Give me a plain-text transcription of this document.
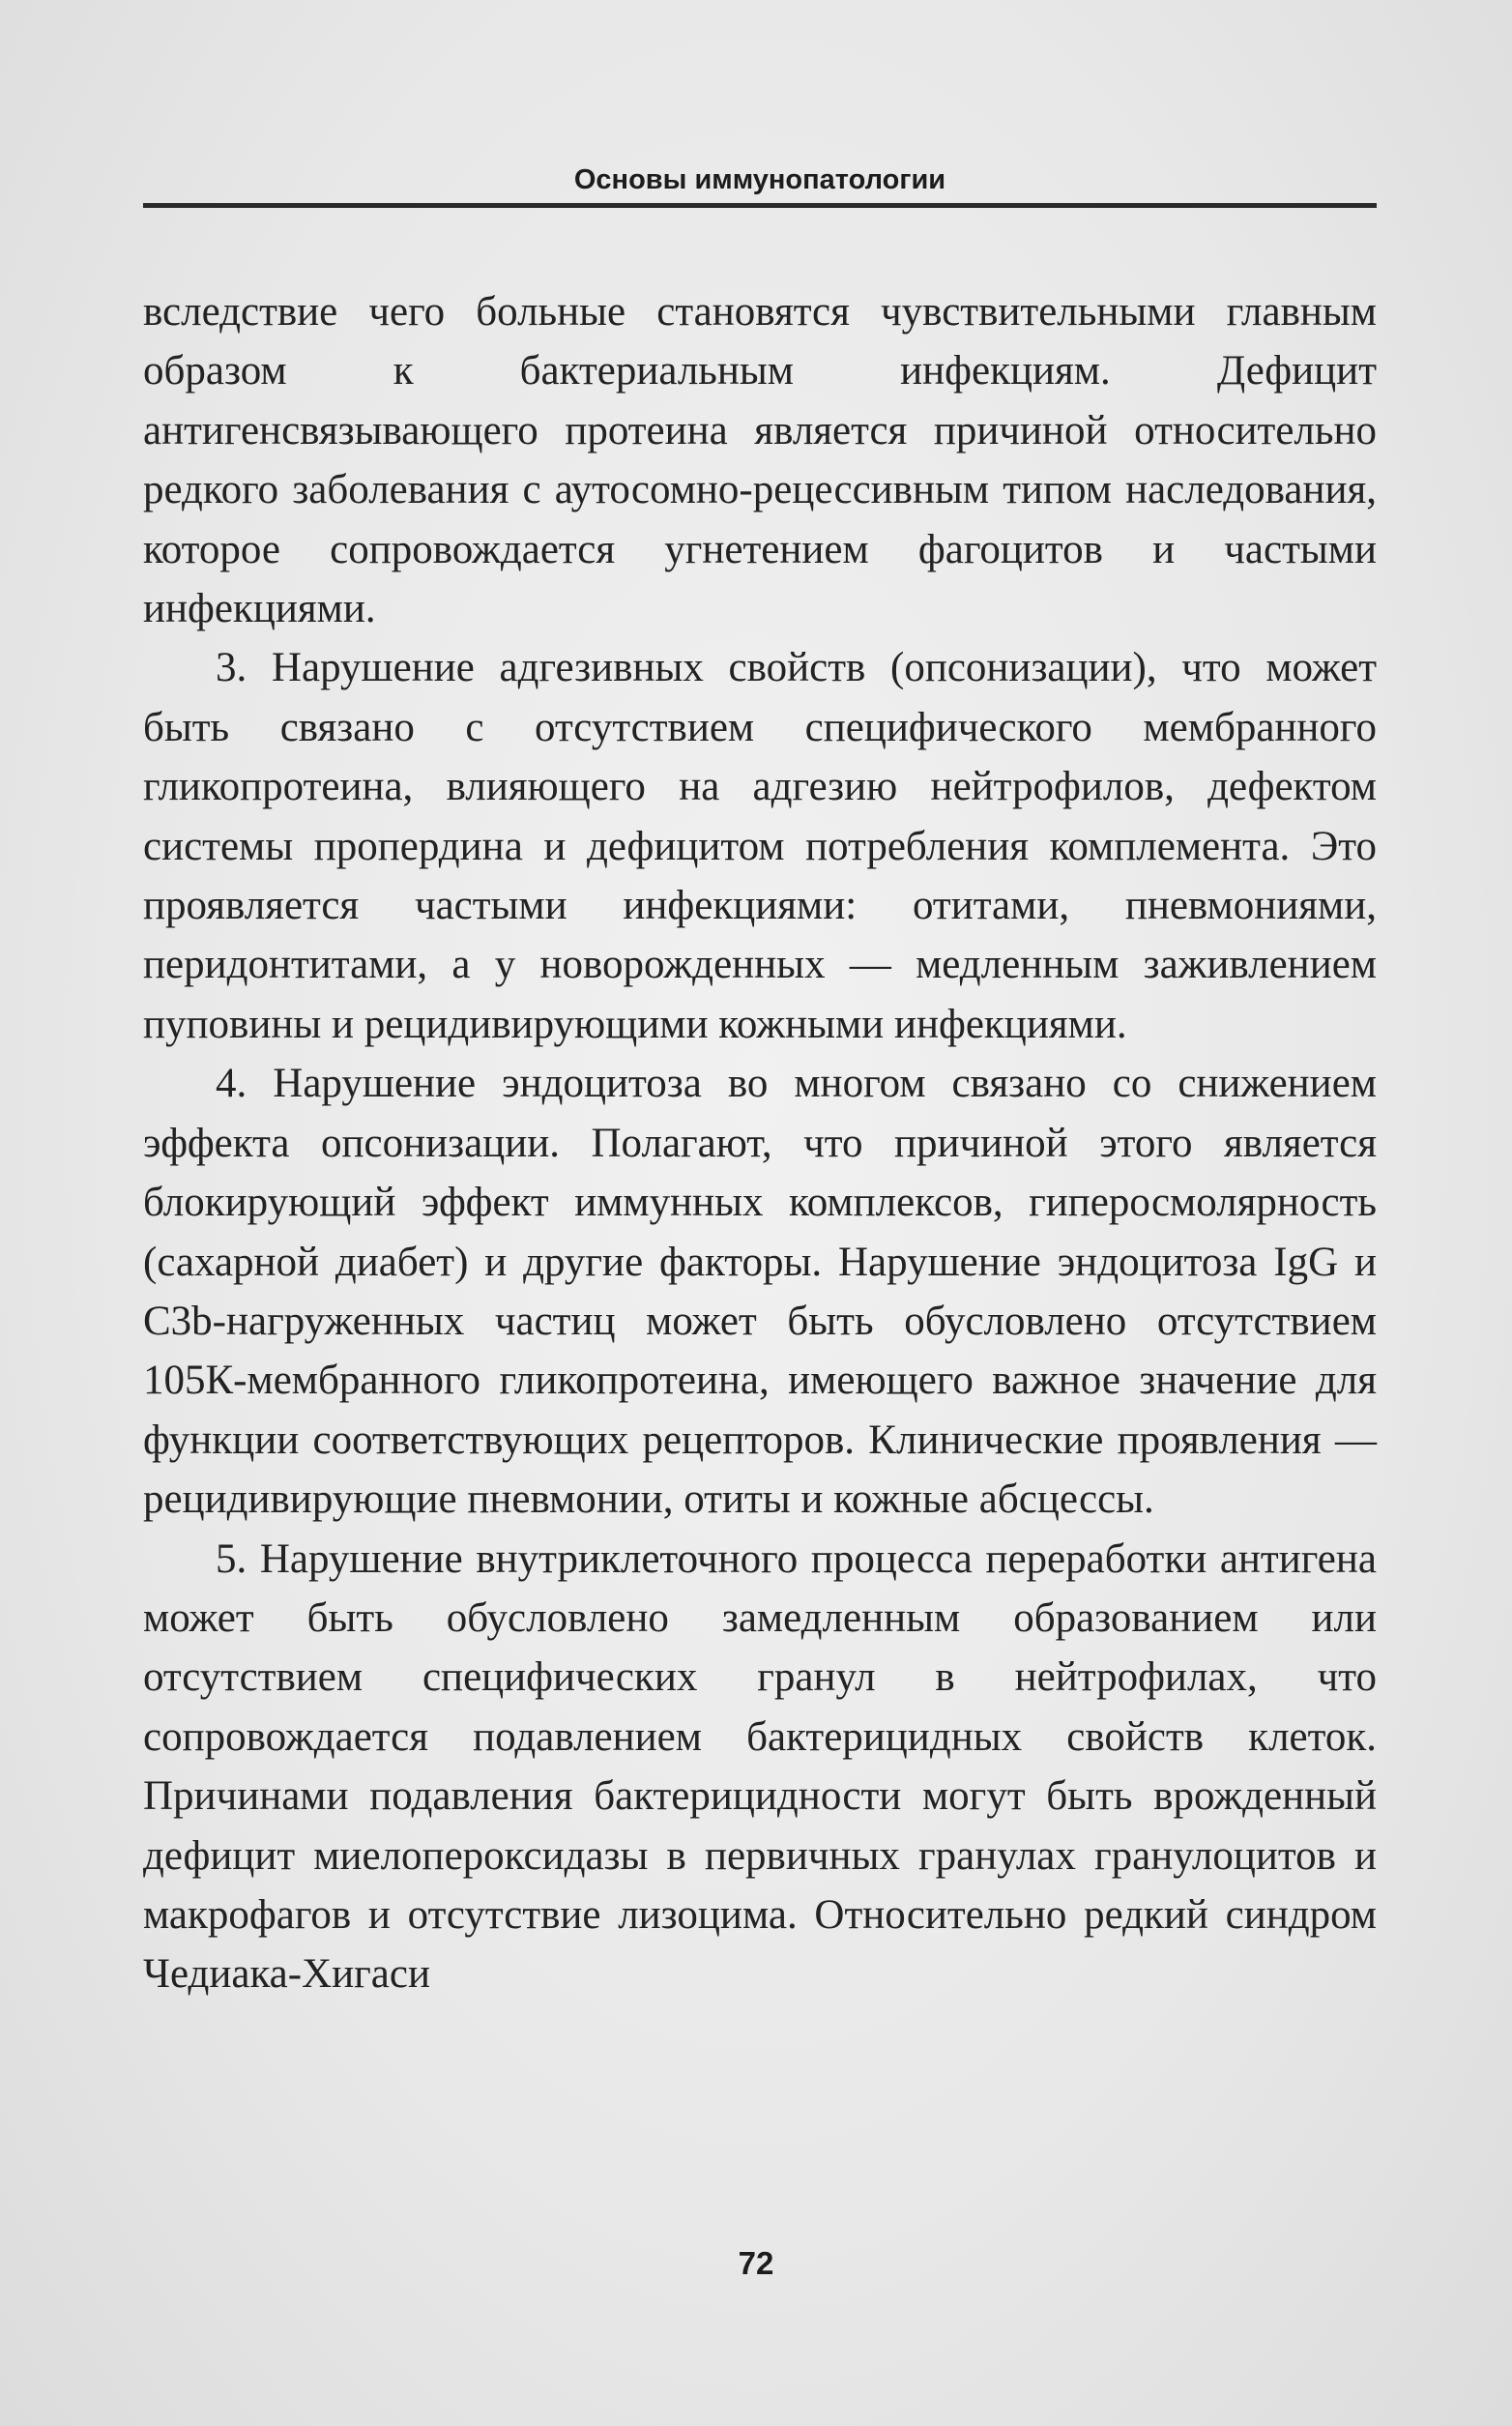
Основы иммунопатологии

вследствие чего больные становятся чувствительными главным образом к бактериальным инфекциям. Дефицит антигенсвязывающего протеина является причиной относительно редкого заболевания с аутосомно-рецессивным типом наследования, которое сопровождается угнетением фагоцитов и частыми инфекциями.

3. Нарушение адгезивных свойств (опсонизации), что может быть связано с отсутствием специфического мембранного гликопротеина, влияющего на адгезию нейтрофилов, дефектом системы пропердина и дефицитом потребления комплемента. Это проявляется частыми инфекциями: отитами, пневмониями, перидонтитами, а у новорожденных — медленным заживлением пуповины и рецидивирующими кожными инфекциями.

4. Нарушение эндоцитоза во многом связано со снижением эффекта опсонизации. Полагают, что причиной этого является блокирующий эффект иммунных комплексов, гиперосмолярность (сахарной диабет) и другие факторы. Нарушение эндоцитоза IgG и C3b-нагруженных частиц может быть обусловлено отсутствием 105К-мембранного гликопротеина, имеющего важное значение для функции соответствующих рецепторов. Клинические проявления — рецидивирующие пневмонии, отиты и кожные абсцессы.

5. Нарушение внутриклеточного процесса переработки антигена может быть обусловлено замедленным образованием или отсутствием специфических гранул в нейтрофилах, что сопровождается подавлением бактерицидных свойств клеток. Причинами подавления бактерицидности могут быть врожденный дефицит миелопероксидазы в первичных гранулах гранулоцитов и макрофагов и отсутствие лизоцима. Относительно редкий синдром Чедиака-Хигаси

72
